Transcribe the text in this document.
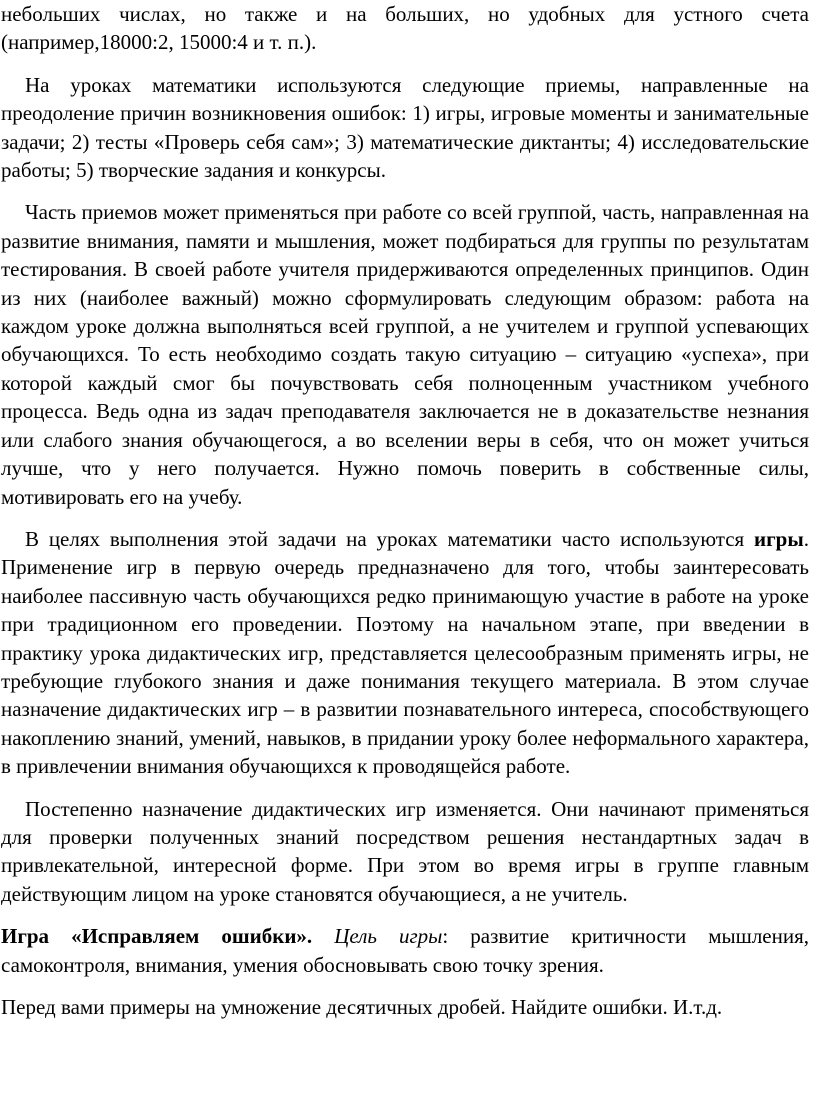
небольших числах, но также и на больших, но удобных для устного счета (например,18000:2, 15000:4 и т. п.).

На уроках математики используются следующие приемы, направленные на преодоление причин возникновения ошибок: 1) игры, игровые моменты и занимательные задачи; 2) тесты «Проверь себя сам»; 3) математические диктанты; 4) исследовательские работы; 5) творческие задания и конкурсы.

Часть приемов может применяться при работе со всей группой, часть, направленная на развитие внимания, памяти и мышления, может подбираться для группы по результатам тестирования. В своей работе учителя придерживаются определенных принципов. Один из них (наиболее важный) можно сформулировать следующим образом: работа на каждом уроке должна выполняться всей группой, а не учителем и группой успевающих обучающихся. То есть необходимо создать такую ситуацию – ситуацию «успеха», при которой каждый смог бы почувствовать себя полноценным участником учебного процесса. Ведь одна из задач преподавателя заключается не в доказательстве незнания или слабого знания обучающегося, а во вселении веры в себя, что он может учиться лучше, что у него получается. Нужно помочь поверить в собственные силы, мотивировать его на учебу.

В целях выполнения этой задачи на уроках математики часто используются игры. Применение игр в первую очередь предназначено для того, чтобы заинтересовать наиболее пассивную часть обучающихся редко принимающую участие в работе на уроке при традиционном его проведении. Поэтому на начальном этапе, при введении в практику урока дидактических игр, представляется целесообразным применять игры, не требующие глубокого знания и даже понимания текущего материала. В этом случае назначение дидактических игр – в развитии познавательного интереса, способствующего накоплению знаний, умений, навыков, в придании уроку более неформального характера, в привлечении внимания обучающихся к проводящейся работе.

Постепенно назначение дидактических игр изменяется. Они начинают применяться для проверки полученных знаний посредством решения нестандартных задач в привлекательной, интересной форме. При этом во время игры в группе главным действующим лицом на уроке становятся обучающиеся, а не учитель.

Игра «Исправляем ошибки». Цель игры: развитие критичности мышления, самоконтроля, внимания, умения обосновывать свою точку зрения.

Перед вами примеры на умножение десятичных дробей. Найдите ошибки. И.т.д.
